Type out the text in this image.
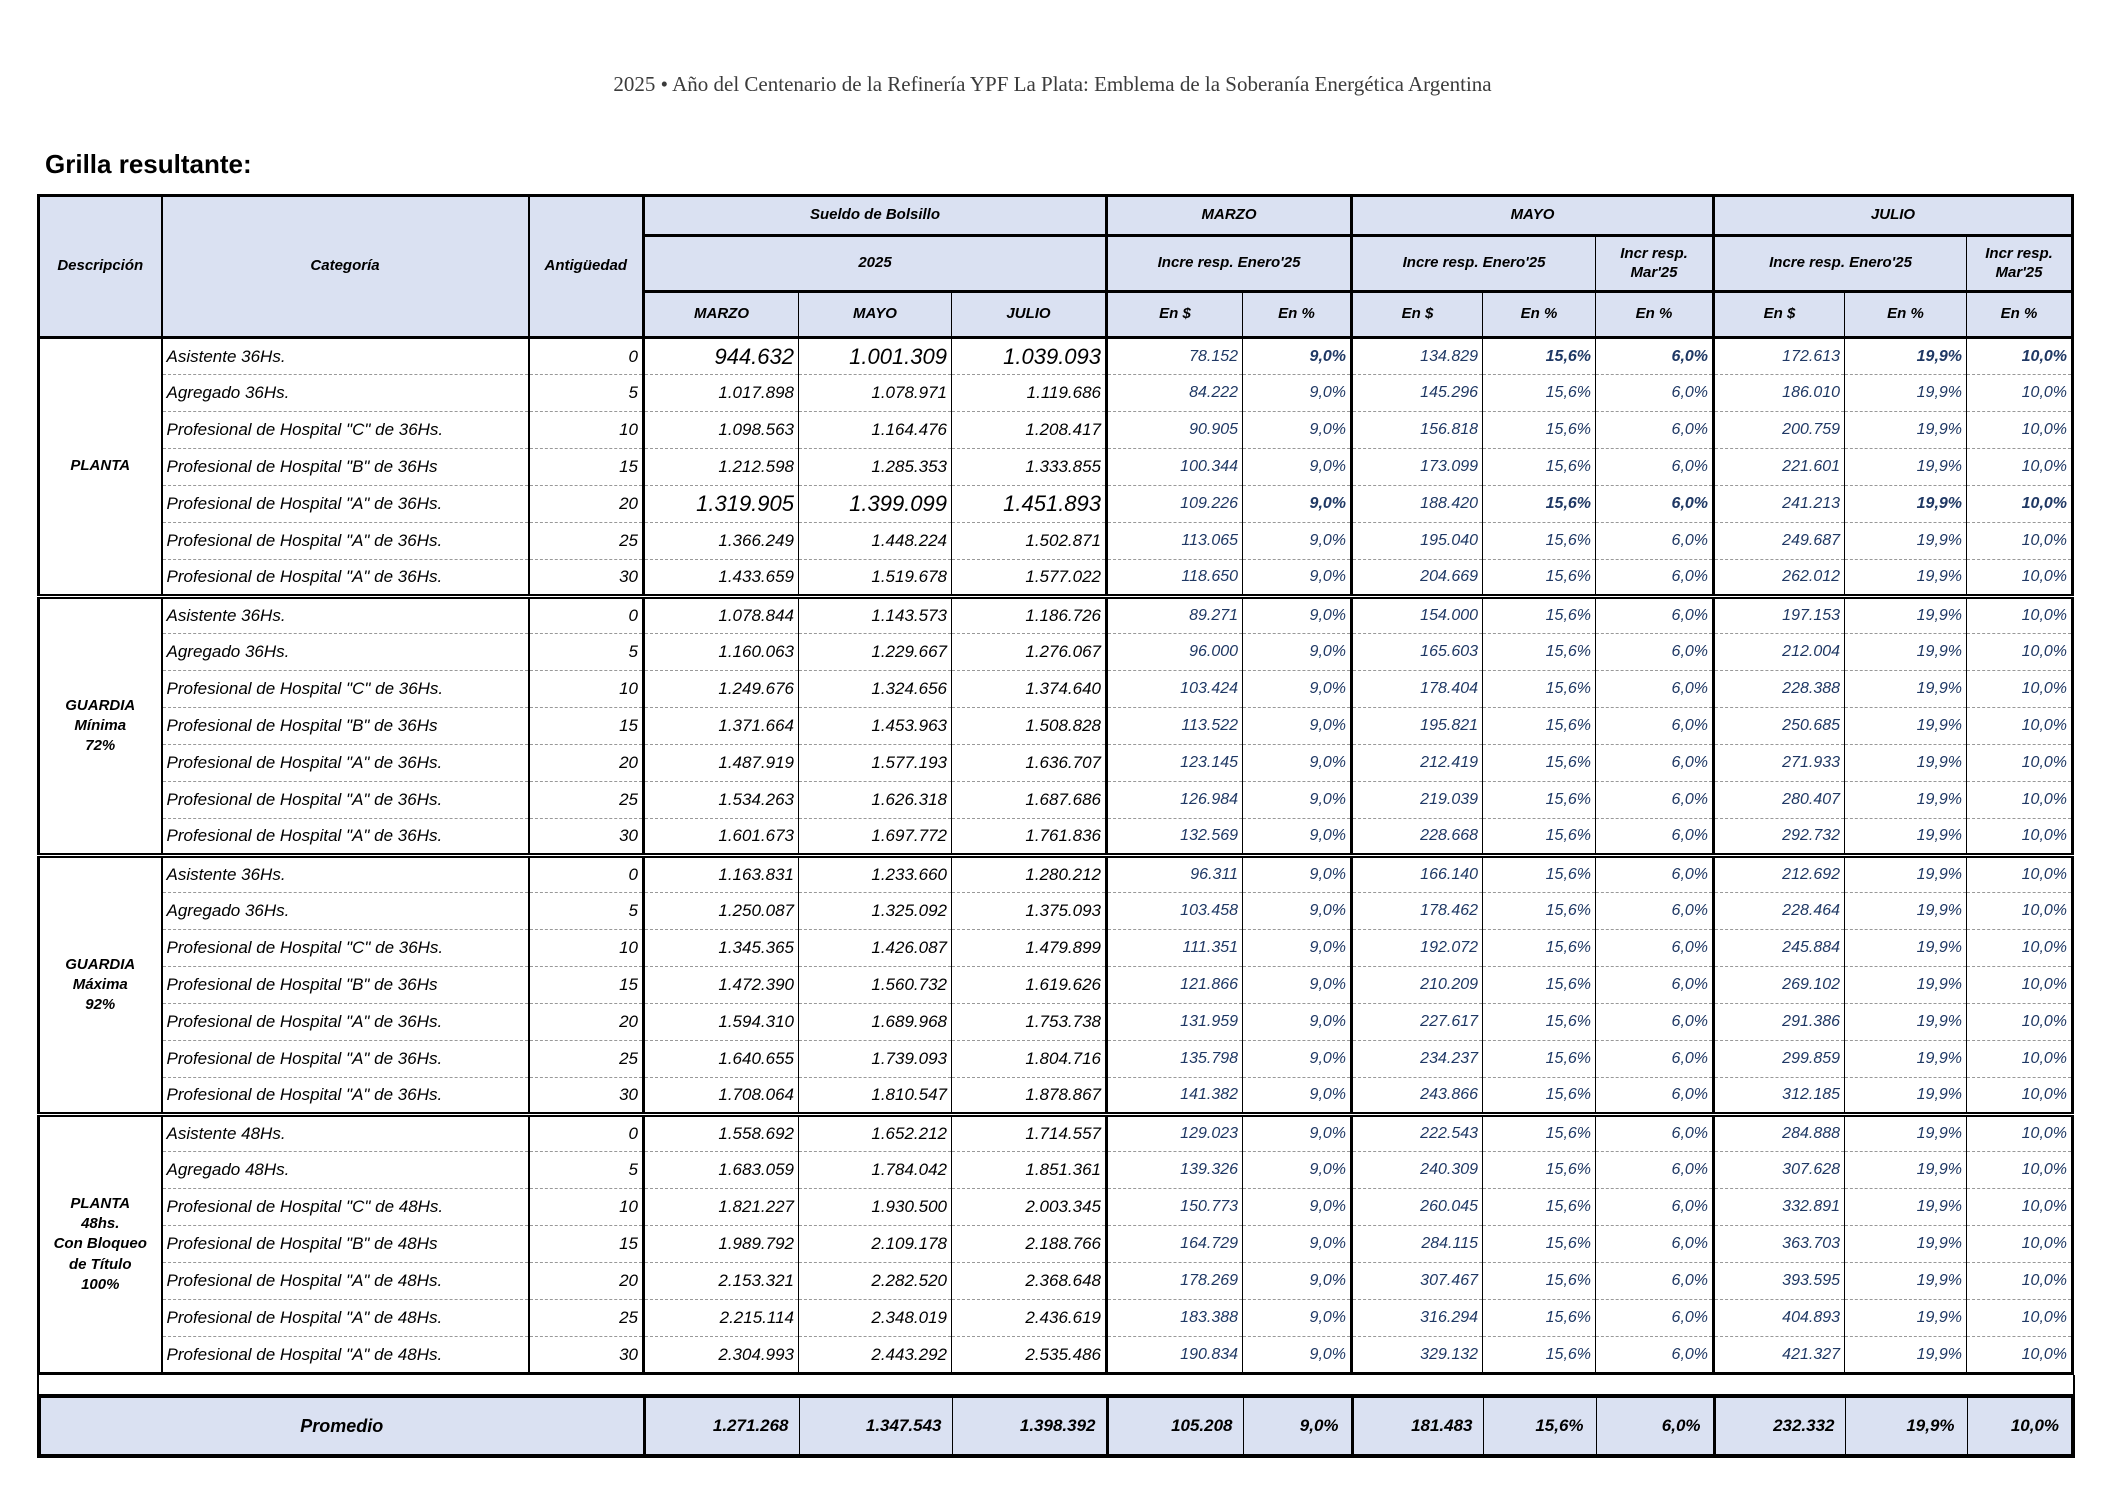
2025 • Año del Centenario de la Refinería YPF La Plata: Emblema de la Soberanía Energética Argentina

Grilla resultante:
Descripción	Categoría	Antigüedad	Sueldo de Bolsillo			MARZO		MAYO			JULIO		
			2025			Incre resp. Enero'25		Incre resp. Enero'25		Incr resp. Mar'25	Incre resp. Enero'25		Incr resp. Mar'25
			MARZO	MAYO	JULIO	En $	En %	En $	En %	En %	En $	En %	En %

PLANTA	Asistente 36Hs.	0	944.632	1.001.309	1.039.093	78.152	9,0%	134.829	15,6%	6,0%	172.613	19,9%	10,0%
	Agregado 36Hs.	5	1.017.898	1.078.971	1.119.686	84.222	9,0%	145.296	15,6%	6,0%	186.010	19,9%	10,0%
	Profesional de Hospital "C" de 36Hs.	10	1.098.563	1.164.476	1.208.417	90.905	9,0%	156.818	15,6%	6,0%	200.759	19,9%	10,0%
	Profesional de Hospital "B" de 36Hs	15	1.212.598	1.285.353	1.333.855	100.344	9,0%	173.099	15,6%	6,0%	221.601	19,9%	10,0%
	Profesional de Hospital "A" de 36Hs.	20	1.319.905	1.399.099	1.451.893	109.226	9,0%	188.420	15,6%	6,0%	241.213	19,9%	10,0%
	Profesional de Hospital "A" de 36Hs.	25	1.366.249	1.448.224	1.502.871	113.065	9,0%	195.040	15,6%	6,0%	249.687	19,9%	10,0%
	Profesional de Hospital "A" de 36Hs.	30	1.433.659	1.519.678	1.577.022	118.650	9,0%	204.669	15,6%	6,0%	262.012	19,9%	10,0%

GUARDIA
Mínima
72%	Asistente 36Hs.	0	1.078.844	1.143.573	1.186.726	89.271	9,0%	154.000	15,6%	6,0%	197.153	19,9%	10,0%
	Agregado 36Hs.	5	1.160.063	1.229.667	1.276.067	96.000	9,0%	165.603	15,6%	6,0%	212.004	19,9%	10,0%
	Profesional de Hospital "C" de 36Hs.	10	1.249.676	1.324.656	1.374.640	103.424	9,0%	178.404	15,6%	6,0%	228.388	19,9%	10,0%
	Profesional de Hospital "B" de 36Hs	15	1.371.664	1.453.963	1.508.828	113.522	9,0%	195.821	15,6%	6,0%	250.685	19,9%	10,0%
	Profesional de Hospital "A" de 36Hs.	20	1.487.919	1.577.193	1.636.707	123.145	9,0%	212.419	15,6%	6,0%	271.933	19,9%	10,0%
	Profesional de Hospital "A" de 36Hs.	25	1.534.263	1.626.318	1.687.686	126.984	9,0%	219.039	15,6%	6,0%	280.407	19,9%	10,0%
	Profesional de Hospital "A" de 36Hs.	30	1.601.673	1.697.772	1.761.836	132.569	9,0%	228.668	15,6%	6,0%	292.732	19,9%	10,0%

GUARDIA
Máxima
92%	Asistente 36Hs.	0	1.163.831	1.233.660	1.280.212	96.311	9,0%	166.140	15,6%	6,0%	212.692	19,9%	10,0%
	Agregado 36Hs.	5	1.250.087	1.325.092	1.375.093	103.458	9,0%	178.462	15,6%	6,0%	228.464	19,9%	10,0%
	Profesional de Hospital "C" de 36Hs.	10	1.345.365	1.426.087	1.479.899	111.351	9,0%	192.072	15,6%	6,0%	245.884	19,9%	10,0%
	Profesional de Hospital "B" de 36Hs	15	1.472.390	1.560.732	1.619.626	121.866	9,0%	210.209	15,6%	6,0%	269.102	19,9%	10,0%
	Profesional de Hospital "A" de 36Hs.	20	1.594.310	1.689.968	1.753.738	131.959	9,0%	227.617	15,6%	6,0%	291.386	19,9%	10,0%
	Profesional de Hospital "A" de 36Hs.	25	1.640.655	1.739.093	1.804.716	135.798	9,0%	234.237	15,6%	6,0%	299.859	19,9%	10,0%
	Profesional de Hospital "A" de 36Hs.	30	1.708.064	1.810.547	1.878.867	141.382	9,0%	243.866	15,6%	6,0%	312.185	19,9%	10,0%

PLANTA
48hs.
Con Bloqueo
de Título
100%	Asistente 48Hs.	0	1.558.692	1.652.212	1.714.557	129.023	9,0%	222.543	15,6%	6,0%	284.888	19,9%	10,0%
	Agregado 48Hs.	5	1.683.059	1.784.042	1.851.361	139.326	9,0%	240.309	15,6%	6,0%	307.628	19,9%	10,0%
	Profesional de Hospital "C" de 48Hs.	10	1.821.227	1.930.500	2.003.345	150.773	9,0%	260.045	15,6%	6,0%	332.891	19,9%	10,0%
	Profesional de Hospital "B" de 48Hs	15	1.989.792	2.109.178	2.188.766	164.729	9,0%	284.115	15,6%	6,0%	363.703	19,9%	10,0%
	Profesional de Hospital "A" de 48Hs.	20	2.153.321	2.282.520	2.368.648	178.269	9,0%	307.467	15,6%	6,0%	393.595	19,9%	10,0%
	Profesional de Hospital "A" de 48Hs.	25	2.215.114	2.348.019	2.436.619	183.388	9,0%	316.294	15,6%	6,0%	404.893	19,9%	10,0%
	Profesional de Hospital "A" de 48Hs.	30	2.304.993	2.443.292	2.535.486	190.834	9,0%	329.132	15,6%	6,0%	421.327	19,9%	10,0%
Promedio	1.271.268	1.347.543	1.398.392	105.208	9,0%	181.483	15,6%	6,0%	232.332	19,9%	10,0%
